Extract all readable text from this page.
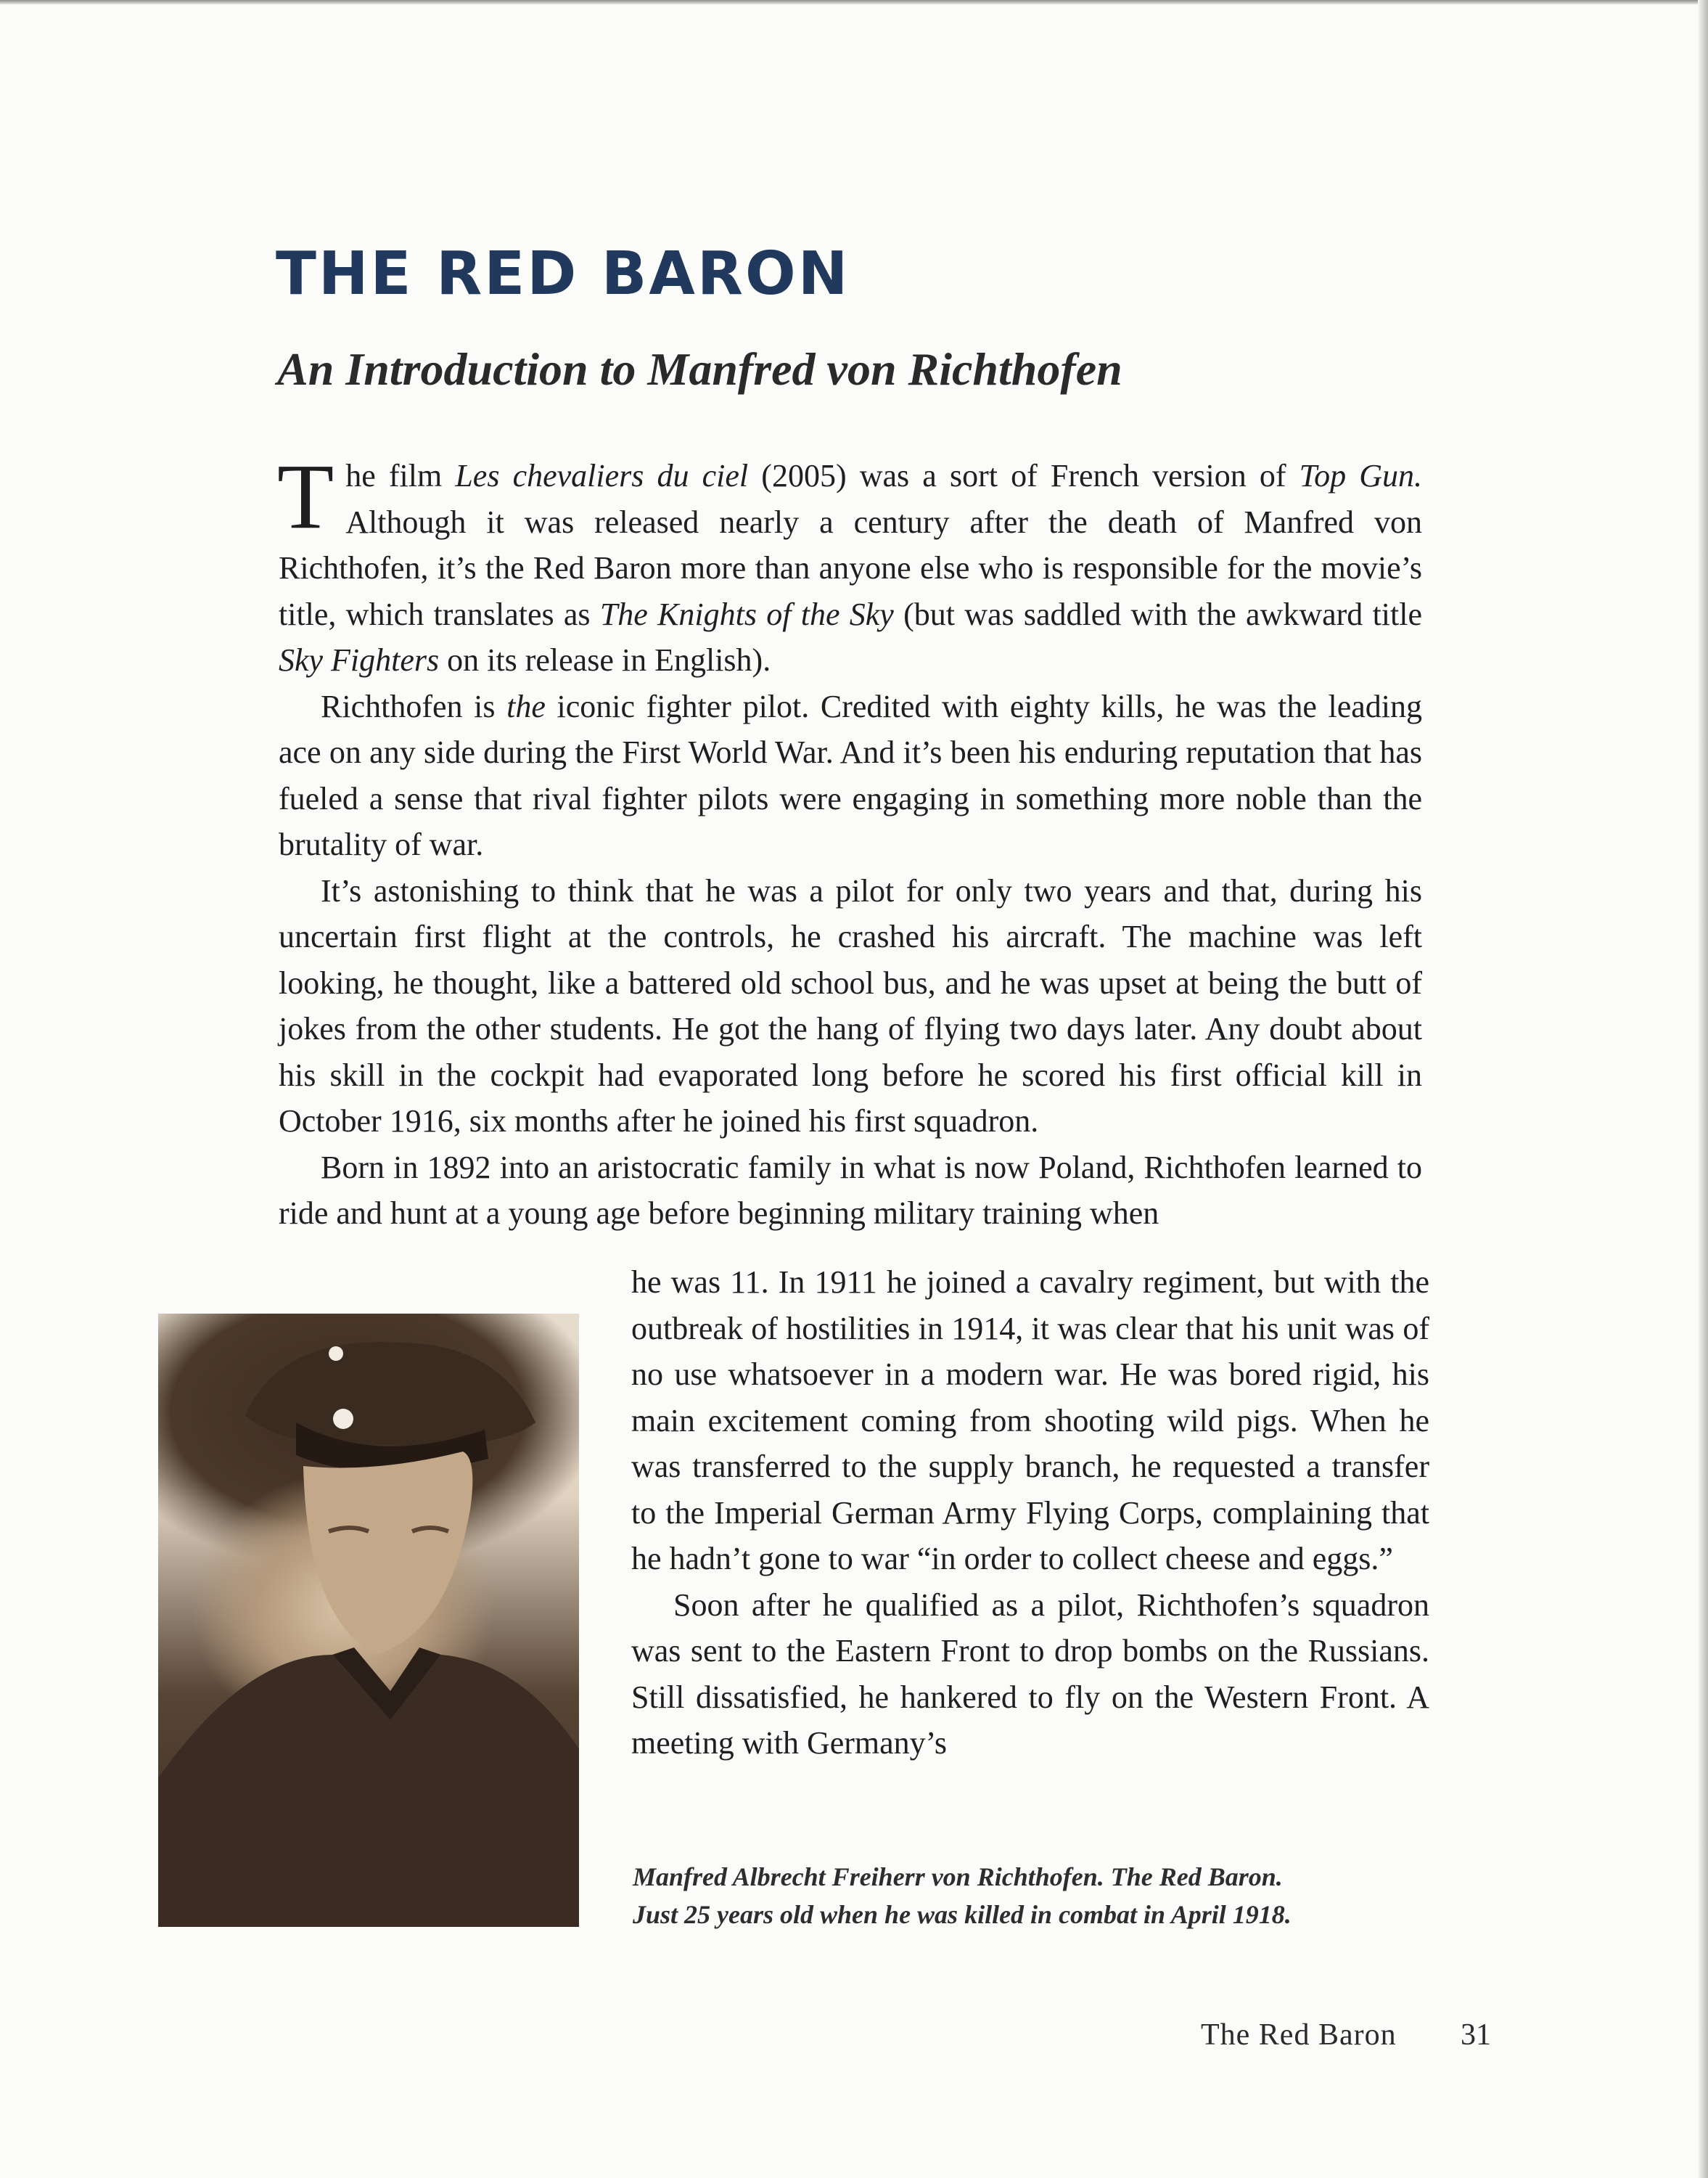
THE RED BARON
An Introduction to Manfred von Richthofen

The film Les chevaliers du ciel (2005) was a sort of French version of Top Gun. Although it was released nearly a century after the death of Manfred von Richthofen, it’s the Red Baron more than anyone else who is responsible for the movie’s title, which translates as The Knights of the Sky (but was saddled with the awkward title Sky Fighters on its release in English).

Richthofen is the iconic fighter pilot. Credited with eighty kills, he was the leading ace on any side during the First World War. And it’s been his enduring reputation that has fueled a sense that rival fighter pilots were engaging in something more noble than the brutality of war.

It’s astonishing to think that he was a pilot for only two years and that, during his uncertain first flight at the controls, he crashed his aircraft. The machine was left looking, he thought, like a battered old school bus, and he was upset at being the butt of jokes from the other students. He got the hang of flying two days later. Any doubt about his skill in the cockpit had evaporated long before he scored his first official kill in October 1916, six months after he joined his first squadron.

Born in 1892 into an aristocratic family in what is now Poland, Richthofen learned to ride and hunt at a young age before beginning military training when

he was 11. In 1911 he joined a cavalry regiment, but with the outbreak of hostilities in 1914, it was clear that his unit was of no use whatsoever in a modern war. He was bored rigid, his main excitement coming from shooting wild pigs. When he was transferred to the supply branch, he requested a transfer to the Imperial German Army Flying Corps, complaining that he hadn’t gone to war “in order to collect cheese and eggs.”

Soon after he qualified as a pilot, Richthofen’s squadron was sent to the Eastern Front to drop bombs on the Russians. Still dissatisfied, he hankered to fly on the Western Front. A meeting with Germany’s

Manfred Albrecht Freiherr von Richthofen. The Red Baron.
Just 25 years old when he was killed in combat in April 1918.
The Red Baron 31
